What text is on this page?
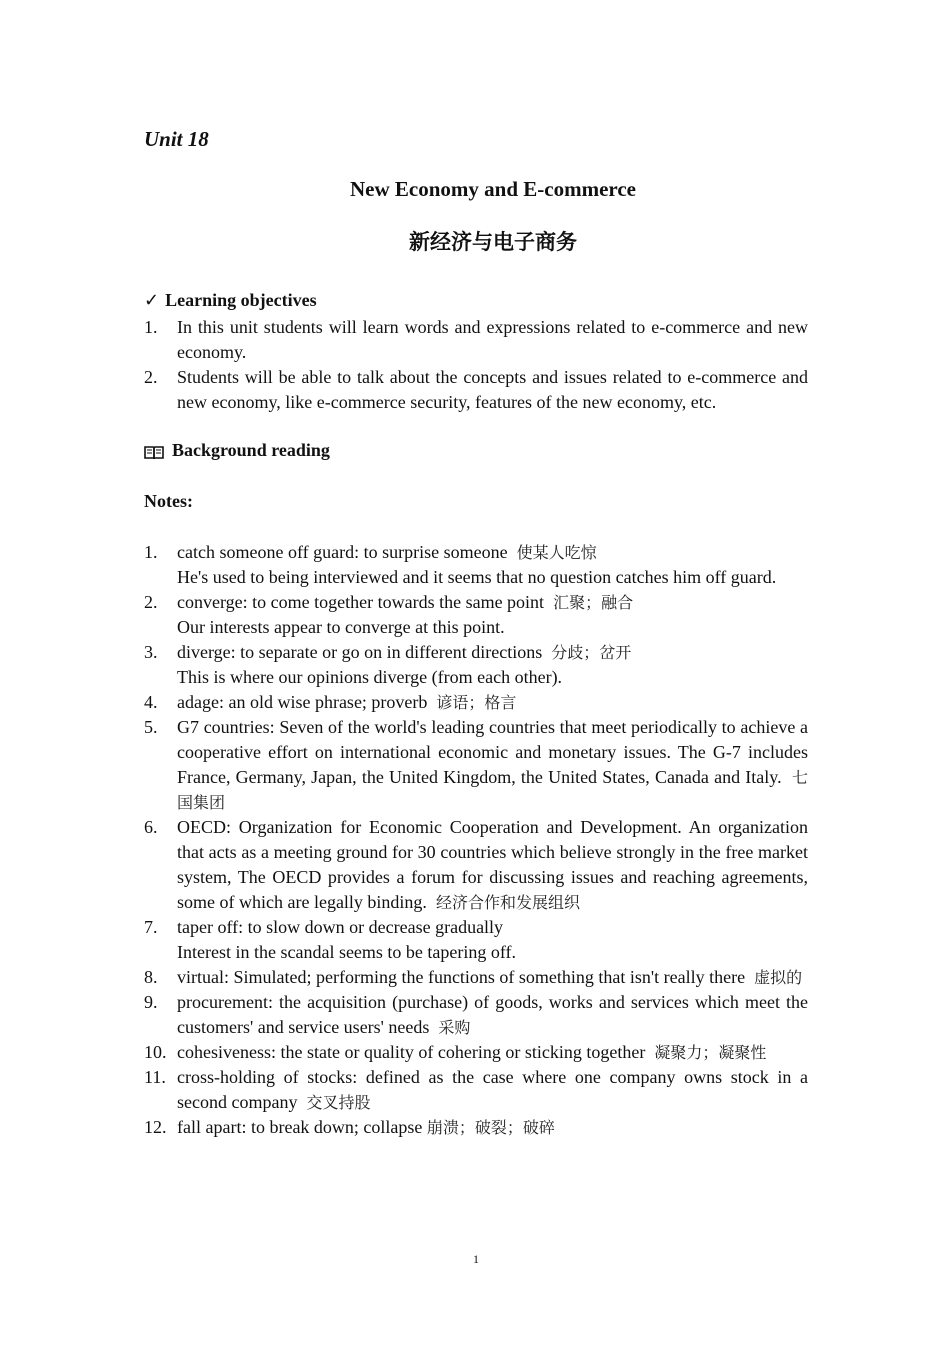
Unit 18
New Economy and E-commerce
新经济与电子商务
✓ Learning objectives
1.	In this unit students will learn words and expressions related to e-commerce and new economy.
2.	Students will be able to talk about the concepts and issues related to e-commerce and new economy, like e-commerce security, features of the new economy, etc.
Background reading
Notes:
1.	catch someone off guard: to surprise someone 使某人吃惊
He's used to being interviewed and it seems that no question catches him off guard.
2.	converge: to come together towards the same point 汇聚；融合
Our interests appear to converge at this point.
3.	diverge: to separate or go on in different directions 分歧；岔开
This is where our opinions diverge (from each other).
4.	adage: an old wise phrase; proverb 谚语；格言
5.	G7 countries: Seven of the world's leading countries that meet periodically to achieve a cooperative effort on international economic and monetary issues. The G-7 includes France, Germany, Japan, the United Kingdom, the United States, Canada and Italy. 七国集团
6.	OECD: Organization for Economic Cooperation and Development. An organization that acts as a meeting ground for 30 countries which believe strongly in the free market system, The OECD provides a forum for discussing issues and reaching agreements, some of which are legally binding. 经济合作和发展组织
7.	taper off: to slow down or decrease gradually
Interest in the scandal seems to be tapering off.
8.	virtual: Simulated; performing the functions of something that isn't really there 虚拟的
9.	procurement: the acquisition (purchase) of goods, works and services which meet the customers' and service users' needs 采购
10. cohesiveness: the state or quality of cohering or sticking together 凝聚力；凝聚性
11. cross-holding of stocks: defined as the case where one company owns stock in a second company 交叉持股
12. fall apart: to break down; collapse 崩溃；破裂；破碎
1
